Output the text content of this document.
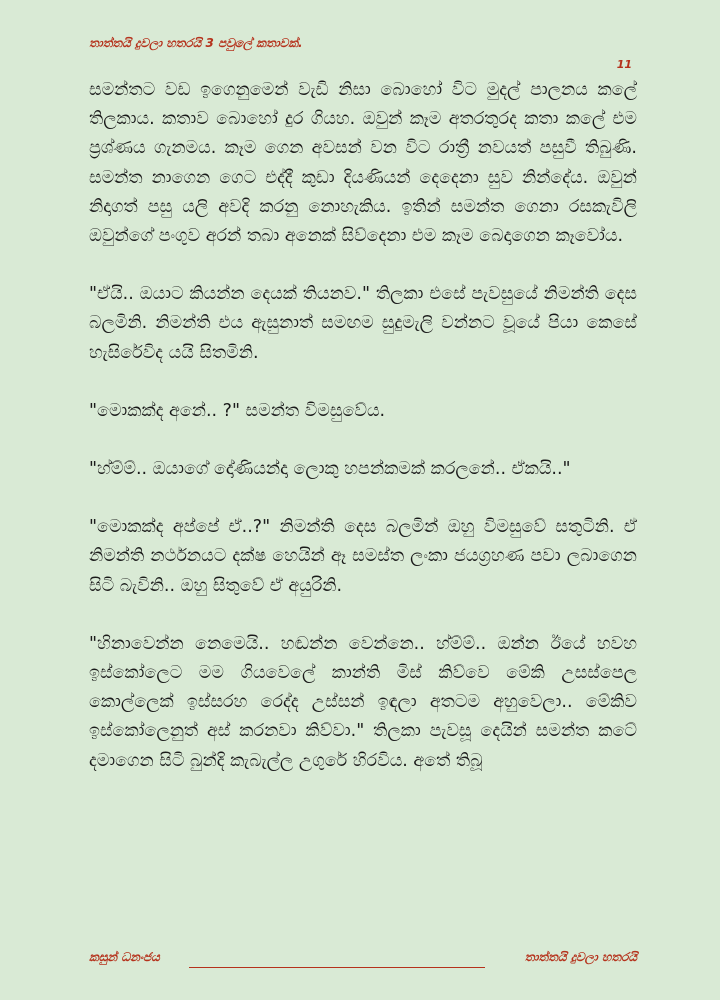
තාත්තයි දුවලා හතරයි 3 පවුලේ කතාවක්.
11

සමන්තට වඩ ඉගෙනුමෙන් වැඩි නිසා බොහෝ විට මුදල් පාලනය කලේ තිලකාය. කතාව බොහෝ දුර ගියහ. ඔවුන් කෑම අතරතුරද කතා කලේ එම ප්‍රශ්ණය ගැනමය. කෑම ගෙන අවසන් වන විට රාත්‍රී නවයත් පසුවී තිබුණි. සමන්ත නාගෙන ගෙට එද්දී කුඩා දියණියන් දෙදෙනා සුව නින්දේය. ඔවුන් නිදාගත් පසු යලි අවදි කරනු නොහැකිය. ඉතින් සමන්ත ගෙනා රසකැවිලි ඔවුන්ගේ පංගුව අරන් තබා අනෙක් සිව්දෙනා එම කෑම බෙදාගෙන කෑවෝය.

"ඒයි.. ඔයාට කියන්න දෙයක් තියනව." තිලකා එසේ පැවසුයේ නිමන්ති දෙස බලමිනි. නිමන්ති එය ඇසුනාත් සමඟම සුදුමැලි වන්නට වූයේ පියා කෙසේ හැසිරේවිද යයි සිතමිනි.

"මොකක්ද අනේ.. ?" සමන්ත විමසුවේය.

"හ්ම්ම්.. ඔයාගේ දෝණියන්දා ලොකු හපන්කමක් කරලනේ.. ඒකයි.."

"මොකක්ද අප්පේ ඒ..?" නිමන්ති දෙස බලමින් ඔහු විමසුවේ සතුටිනි. ඒ නිමන්ති නර්ථනයට දක්ෂ හෙයින් ඈ සමස්ත ලංකා ජයග්‍රහණ පවා ලබාගෙන සිටි බැවිනි.. ඔහු සිතුවේ ඒ අයුරිනි.

"හිනාවෙන්න නෙමෙයි.. හඬන්න වෙන්නෙ.. හ්ම්ම්.. ඔන්න ඊයේ හවහ ඉස්කෝලෙට මම ගියවෙලේ කාන්ති මිස් කිව්වෙ මේකි උසස්පෙල කොල්ලෙක් ඉස්සරහ රෙද්ද උස්සන් ඉඳලා අතටම අහුවෙලා.. මේකිව ඉස්කෝලෙනුත් අස් කරනවා කිව්වා." තිලකා පැවසූ දෙයින් සමන්ත කටේ දමාගෙන සිටි බුන්දි කැබැල්ල උගුරේ හිරවිය. අතේ තිබූ

කසුන් ධනංජය	තාත්තයි දුවලා හතරයි
